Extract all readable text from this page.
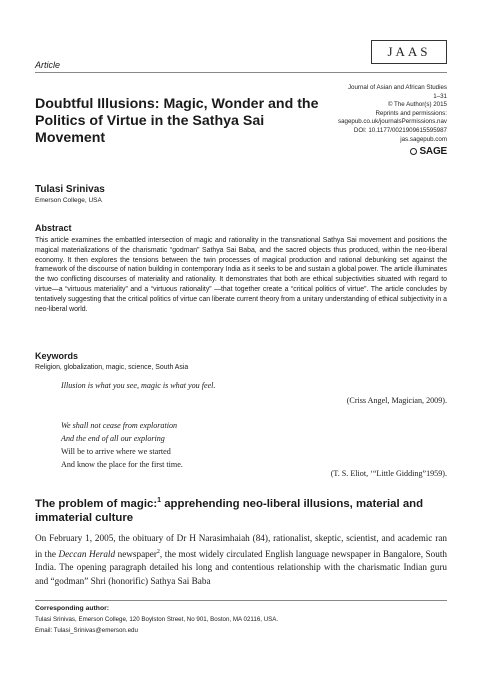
Article
JAAS
Journal of Asian and African Studies
1–31
© The Author(s) 2015
Reprints and permissions:
sagepub.co.uk/journalsPermissions.nav
DOI: 10.1177/0021909615595987
jas.sagepub.com
SAGE
Doubtful Illusions: Magic, Wonder and the Politics of Virtue in the Sathya Sai Movement
Tulasi Srinivas
Emerson College, USA
Abstract
This article examines the embattled intersection of magic and rationality in the transnational Sathya Sai movement and positions the magical materializations of the charismatic “godman” Sathya Sai Baba, and the sacred objects thus produced, within the neo-liberal economy. It then explores the tensions between the twin processes of magical production and rational debunking set against the framework of the discourse of nation building in contemporary India as it seeks to be and sustain a global power. The article illuminates the two conflicting discourses of materiality and rationality. It demonstrates that both are ethical subjectivities situated with regard to virtue—a “virtuous materiality” and a “virtuous rationality” —that together create a “critical politics of virtue”. The article concludes by tentatively suggesting that the critical politics of virtue can liberate current theory from a unitary understanding of ethical subjectivity in a neo-liberal world.
Keywords
Religion, globalization, magic, science, South Asia
Illusion is what you see, magic is what you feel.
(Criss Angel, Magician, 2009).
We shall not cease from exploration
And the end of all our exploring
Will be to arrive where we started
And know the place for the first time.
(T. S. Eliot, ‘“Little Gidding”1959).
The problem of magic:$^1$ apprehending neo-liberal illusions, material and immaterial culture
On February 1, 2005, the obituary of Dr H Narasimhaiah (84), rationalist, skeptic, scientist, and academic ran in the Deccan Herald newspaper$^2$, the most widely circulated English language newspaper in Bangalore, South India. The opening paragraph detailed his long and contentious relationship with the charismatic Indian guru and “godman” Shri (honorific) Sathya Sai Baba
Corresponding author:
Tulasi Srinivas, Emerson College, 120 Boylston Street, No 901, Boston, MA 02116, USA.
Email: Tulasi_Srinivas@emerson.edu
